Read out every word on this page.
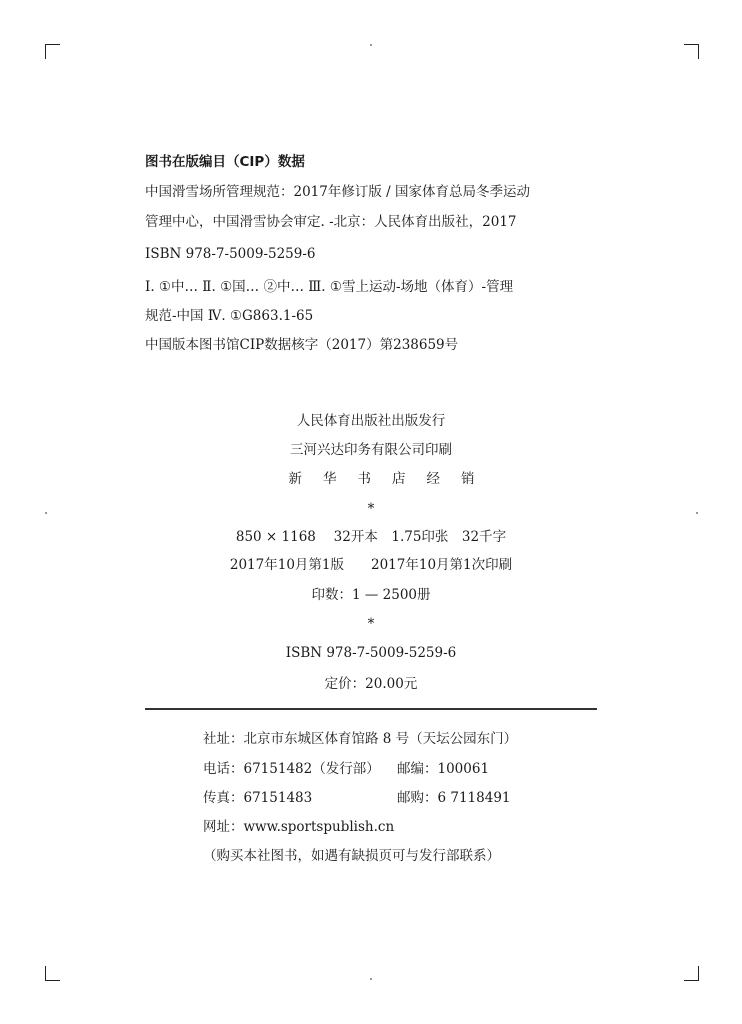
图书在版编目（CIP）数据
中国滑雪场所管理规范：2017年修订版 / 国家体育总局冬季运动
管理中心，中国滑雪协会审定. -北京：人民体育出版社，2017
ISBN 978-7-5009-5259-6
Ⅰ. ①中… Ⅱ. ①国… ②中… Ⅲ. ①雪上运动-场地（体育）-管理
规范-中国 Ⅳ. ①G863.1-65
中国版本图书馆CIP数据核字（2017）第238659号
人民体育出版社出版发行
三河兴达印务有限公司印刷
新华书店经销
*
850 × 1168　 32开本　1.75印张　32千字
2017年10月第1版　　2017年10月第1次印刷
印数：1 — 2500册
*
ISBN 978-7-5009-5259-6
定价：20.00元
社址：北京市东城区体育馆路 8 号（天坛公园东门）
电话：67151482（发行部） 邮编：100061
传真：67151483	邮购：6 7118491
网址：www.sportspublish.cn
（购买本社图书，如遇有缺损页可与发行部联系）
